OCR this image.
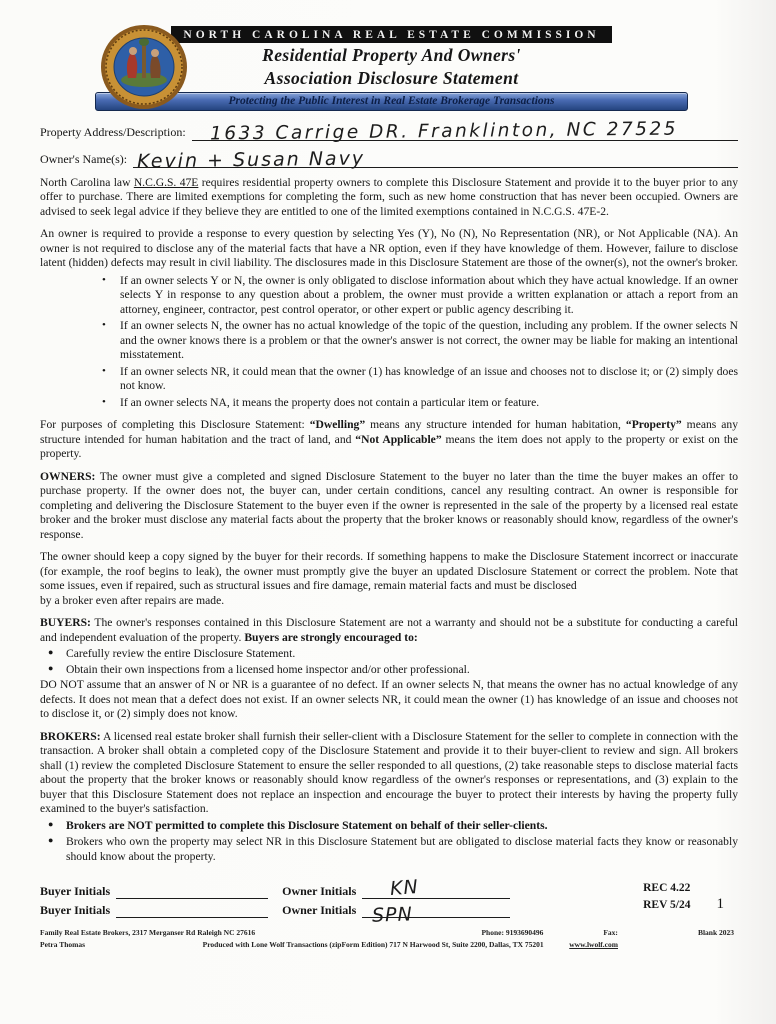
NORTH CAROLINA REAL ESTATE COMMISSION
Residential Property And Owners'
Association Disclosure Statement
Protecting the Public Interest in Real Estate Brokerage Transactions
Property Address/Description: 1633 Carrige DR. Franklinton, NC 27525
Owner's Name(s): Kevin + Susan Navy

North Carolina law N.C.G.S. 47E requires residential property owners to complete this Disclosure Statement and provide it to the buyer prior to any offer to purchase. There are limited exemptions for completing the form, such as new home construction that has never been occupied. Owners are advised to seek legal advice if they believe they are entitled to one of the limited exemptions contained in N.C.G.S. 47E-2.

An owner is required to provide a response to every question by selecting Yes (Y), No (N), No Representation (NR), or Not Applicable (NA). An owner is not required to disclose any of the material facts that have a NR option, even if they have knowledge of them. However, failure to disclose latent (hidden) defects may result in civil liability. The disclosures made in this Disclosure Statement are those of the owner(s), not the owner's broker.

• If an owner selects Y or N, the owner is only obligated to disclose information about which they have actual knowledge. If an owner selects Y in response to any question about a problem, the owner must provide a written explanation or attach a report from an attorney, engineer, contractor, pest control operator, or other expert or public agency describing it.
• If an owner selects N, the owner has no actual knowledge of the topic of the question, including any problem. If the owner selects N and the owner knows there is a problem or that the owner's answer is not correct, the owner may be liable for making an intentional misstatement.
• If an owner selects NR, it could mean that the owner (1) has knowledge of an issue and chooses not to disclose it; or (2) simply does not know.
• If an owner selects NA, it means the property does not contain a particular item or feature.

For purposes of completing this Disclosure Statement: “Dwelling” means any structure intended for human habitation, “Property” means any structure intended for human habitation and the tract of land, and “Not Applicable” means the item does not apply to the property or exist on the property.

OWNERS: The owner must give a completed and signed Disclosure Statement to the buyer no later than the time the buyer makes an offer to purchase property. If the owner does not, the buyer can, under certain conditions, cancel any resulting contract. An owner is responsible for completing and delivering the Disclosure Statement to the buyer even if the owner is represented in the sale of the property by a licensed real estate broker and the broker must disclose any material facts about the property that the broker knows or reasonably should know, regardless of the owner's response.

The owner should keep a copy signed by the buyer for their records. If something happens to make the Disclosure Statement incorrect or inaccurate (for example, the roof begins to leak), the owner must promptly give the buyer an updated Disclosure Statement or correct the problem. Note that some issues, even if repaired, such as structural issues and fire damage, remain material facts and must be disclosed
by a broker even after repairs are made.

BUYERS: The owner's responses contained in this Disclosure Statement are not a warranty and should not be a substitute for conducting a careful and independent evaluation of the property. Buyers are strongly encouraged to:

● Carefully review the entire Disclosure Statement.
● Obtain their own inspections from a licensed home inspector and/or other professional.

DO NOT assume that an answer of N or NR is a guarantee of no defect. If an owner selects N, that means the owner has no actual knowledge of any defects. It does not mean that a defect does not exist. If an owner selects NR, it could mean the owner (1) has knowledge of an issue and chooses not to disclose it, or (2) simply does not know.

BROKERS: A licensed real estate broker shall furnish their seller-client with a Disclosure Statement for the seller to complete in connection with the transaction. A broker shall obtain a completed copy of the Disclosure Statement and provide it to their buyer-client to review and sign. All brokers shall (1) review the completed Disclosure Statement to ensure the seller responded to all questions, (2) take reasonable steps to disclose material facts about the property that the broker knows or reasonably should know regardless of the owner's responses or representations, and (3) explain to the buyer that this Disclosure Statement does not replace an inspection and encourage the buyer to protect their interests by having the property fully examined to the buyer's satisfaction.

● Brokers are NOT permitted to complete this Disclosure Statement on behalf of their seller-clients.
● Brokers who own the property may select NR in this Disclosure Statement but are obligated to disclose material facts they know or reasonably should know about the property.
Buyer Initials	Owner Initials KN
Buyer Initials	Owner Initials SPN
REC 4.22
REV 5/24 1
Family Real Estate Brokers, 2317 Merganser Rd Raleigh NC 27616	Phone: 9193690496	Fax:	Blank 2023
Petra Thomas	Produced with Lone Wolf Transactions (zipForm Edition) 717 N Harwood St, Suite 2200, Dallas, TX 75201	www.lwolf.com
